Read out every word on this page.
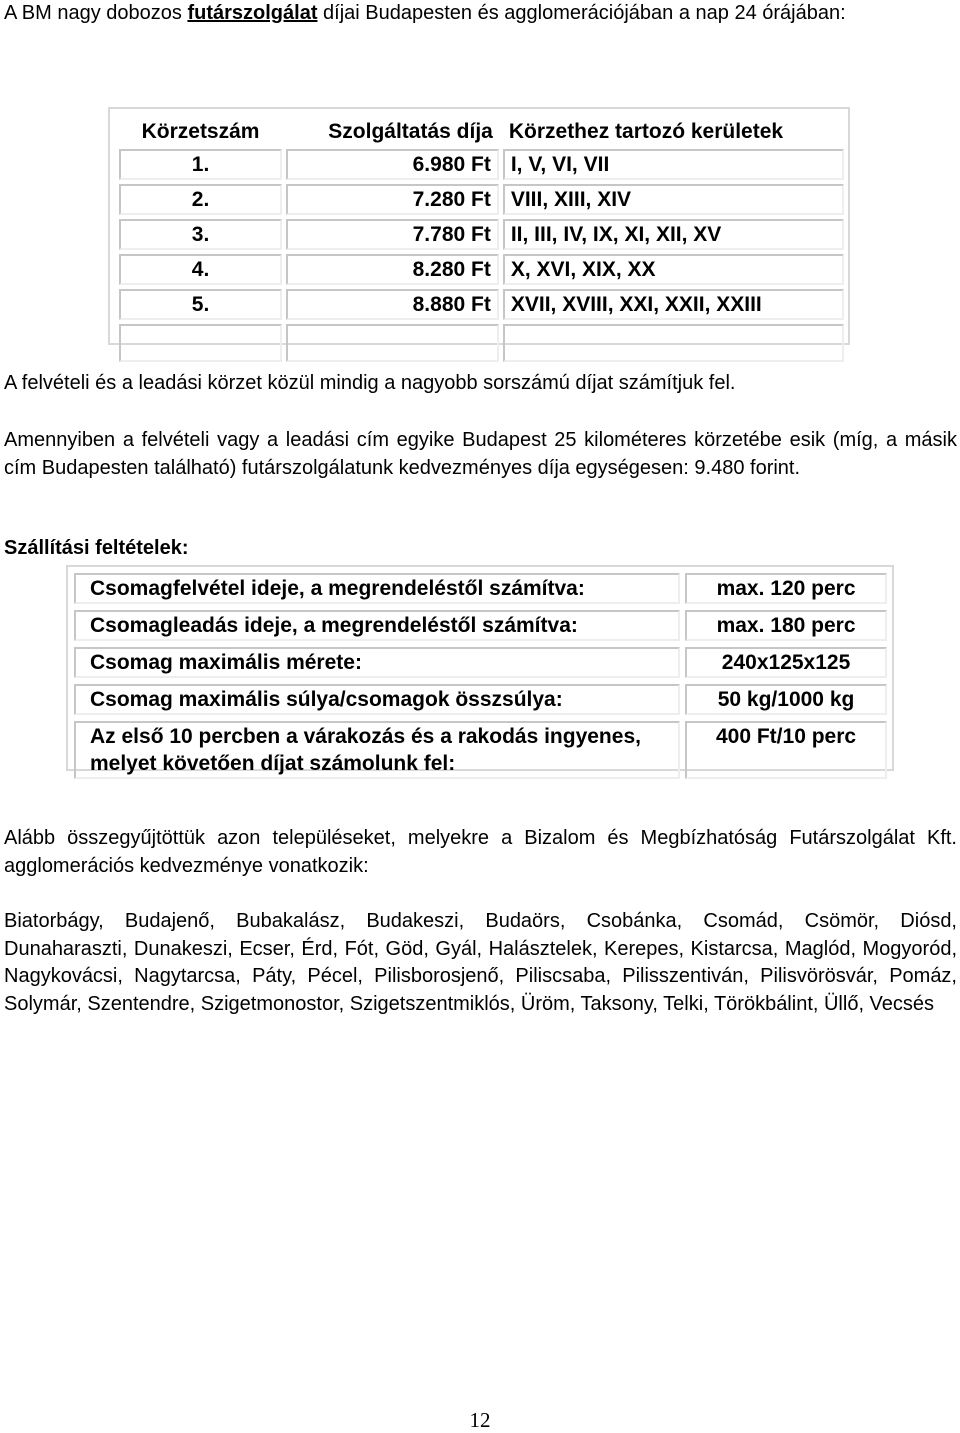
A BM nagy dobozos futárszolgálat díjai Budapesten és agglomerációjában a nap 24 órájában:
Körzetszám	Szolgáltatás díja	Körzethez tartozó kerületek
1.	6.980 Ft	I, V, VI, VII
2.	7.280 Ft	VIII, XIII, XIV
3.	7.780 Ft	II, III, IV, IX, XI, XII, XV
4.	8.280 Ft	X, XVI, XIX, XX
5.	8.880 Ft	XVII, XVIII, XXI, XXII, XXIII

A felvételi és a leadási körzet közül mindig a nagyobb sorszámú díjat számítjuk fel.
Amennyiben a felvételi vagy a leadási cím egyike Budapest 25 kilométeres körzetébe esik (míg, a másik cím Budapesten található) futárszolgálatunk kedvezményes díja egységesen: 9.480 forint.
Szállítási feltételek:
Csomagfelvétel ideje, a megrendeléstől számítva:	max. 120 perc
Csomagleadás ideje, a megrendeléstől számítva:	max. 180 perc
Csomag maximális mérete:	240x125x125
Csomag maximális súlya/csomagok összsúlya:	50 kg/1000 kg
Az első 10 percben a várakozás és a rakodás ingyenes, melyet követően díjat számolunk fel:	400 Ft/10 perc
Alább összegyűjtöttük azon településeket, melyekre a Bizalom és Megbízhatóság Futárszolgálat Kft. agglomerációs kedvezménye vonatkozik:
Biatorbágy, Budajenő, Bubakalász, Budakeszi, Budaörs, Csobánka, Csomád, Csömör, Diósd, Dunaharaszti, Dunakeszi, Ecser, Érd, Fót, Göd, Gyál, Halásztelek, Kerepes, Kistarcsa, Maglód, Mogyoród, Nagykovácsi, Nagytarcsa, Páty, Pécel, Pilisborosjenő, Piliscsaba, Pilisszentiván, Pilisvörösvár, Pomáz, Solymár, Szentendre, Szigetmonostor, Szigetszentmiklós, Üröm, Taksony, Telki, Törökbálint, Üllő, Vecsés
12
